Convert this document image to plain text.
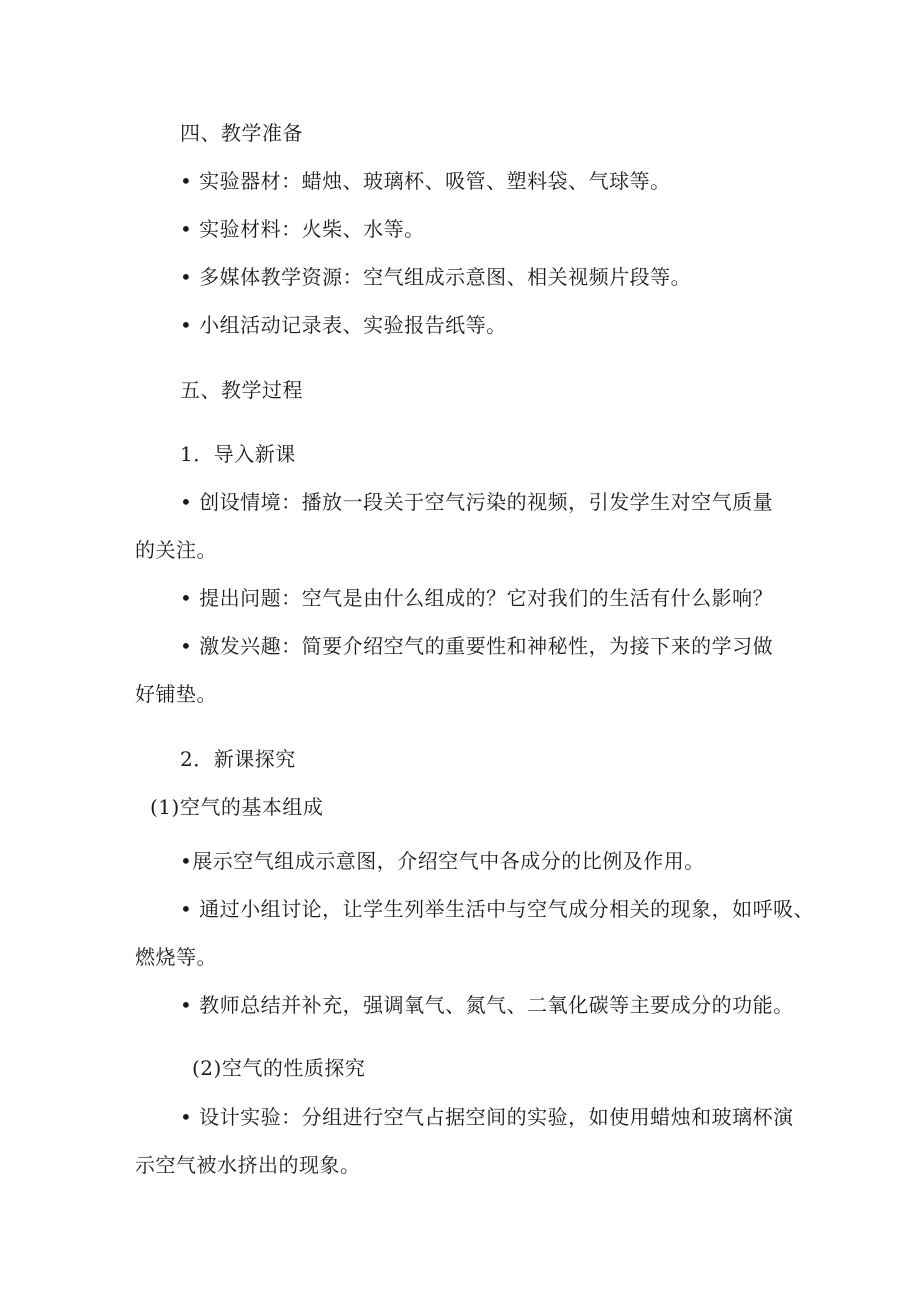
四、教学准备
• 实验器材：蜡烛、玻璃杯、吸管、塑料袋、气球等。
• 实验材料：火柴、水等。
• 多媒体教学资源：空气组成示意图、相关视频片段等。
• 小组活动记录表、实验报告纸等。
五、教学过程
1．导入新课
• 创设情境：播放一段关于空气污染的视频，引发学生对空气质量
的关注。
• 提出问题：空气是由什么组成的？它对我们的生活有什么影响？
• 激发兴趣：简要介绍空气的重要性和神秘性，为接下来的学习做
好铺垫。
2．新课探究
(1)空气的基本组成
•展示空气组成示意图，介绍空气中各成分的比例及作用。
• 通过小组讨论，让学生列举生活中与空气成分相关的现象，如呼吸、
燃烧等。
• 教师总结并补充，强调氧气、氮气、二氧化碳等主要成分的功能。
(2)空气的性质探究
• 设计实验：分组进行空气占据空间的实验，如使用蜡烛和玻璃杯演
示空气被水挤出的现象。
